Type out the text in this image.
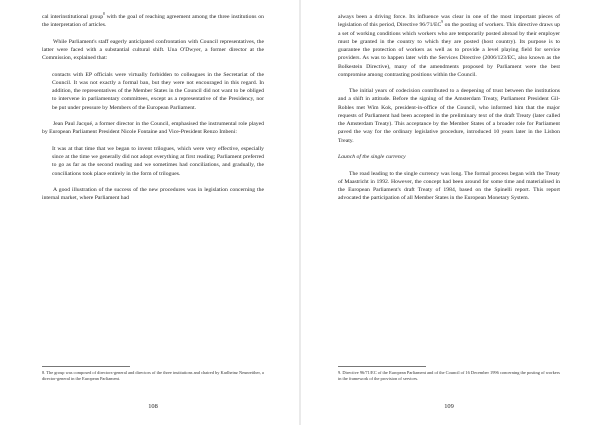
cal interinstitutional group$^8$ with the goal of reaching agreement among the three institutions on the interpretation of articles.

While Parliament's staff eagerly anticipated confrontation with Council representatives, the latter were faced with a substantial cultural shift. Una O'Dwyer, a former director at the Commission, explained that:

contacts with EP officials were virtually forbidden to colleagues in the Secretariat of the Council. It was not exactly a formal ban, but they were not encouraged in this regard. In addition, the representatives of the Member States in the Council did not want to be obliged to intervene in parliamentary committees, except as a representative of the Presidency, nor be put under pressure by Members of the European Parliament.

Jean Paul Jacqué, a former director in the Council, emphasised the instrumental role played by European Parliament President Nicole Fontaine and Vice-President Renzo Imbeni:

It was at that time that we began to invent trilogues, which were very effective, especially since at the time we generally did not adopt everything at first reading; Parliament preferred to go as far as the second reading and we sometimes had conciliations, and gradually, the conciliations took place entirely in the form of trilogues.

A good illustration of the success of the new procedures was in legislation concerning the internal market, where Parliament had

8. The group was composed of directors-general and directors of the three institutions and chaired by Karlheinz Neunreither, a director-general in the European Parliament.
108

always been a driving force. Its influence was clear in one of the most important pieces of legislation of this period, Directive $96/71/EC^9$ on the posting of workers. This directive draws up a set of working conditions which workers who are temporarily posted abroad by their employer must be granted in the country to which they are posted (host country). Its purpose is to guarantee the protection of workers as well as to provide a level playing field for service providers. As was to happen later with the Services Directive (2006/123/EC, also known as the Bolkestein Directive), many of the amendments proposed by Parliament were the best compromise among contrasting positions within the Council.

The initial years of codecision contributed to a deepening of trust between the institutions and a shift in attitude. Before the signing of the Amsterdam Treaty, Parliament President Gil-Robles met Wim Kok, president-in-office of the Council, who informed him that the major requests of Parliament had been accepted in the preliminary text of the draft Treaty (later called the Amsterdam Treaty). This acceptance by the Member States of a broader role for Parliament paved the way for the ordinary legislative procedure, introduced 10 years later in the Lisbon Treaty.

Launch of the single currency

The road leading to the single currency was long. The formal process began with the Treaty of Maastricht in 1992. However, the concept had been around for some time and materialised in the European Parliament's draft Treaty of 1984, based on the Spinelli report. This report advocated the participation of all Member States in the European Monetary System.

9. Directive 96/71/EC of the European Parliament and of the Council of 16 December 1996 concerning the posting of workers in the framework of the provision of services.
109
